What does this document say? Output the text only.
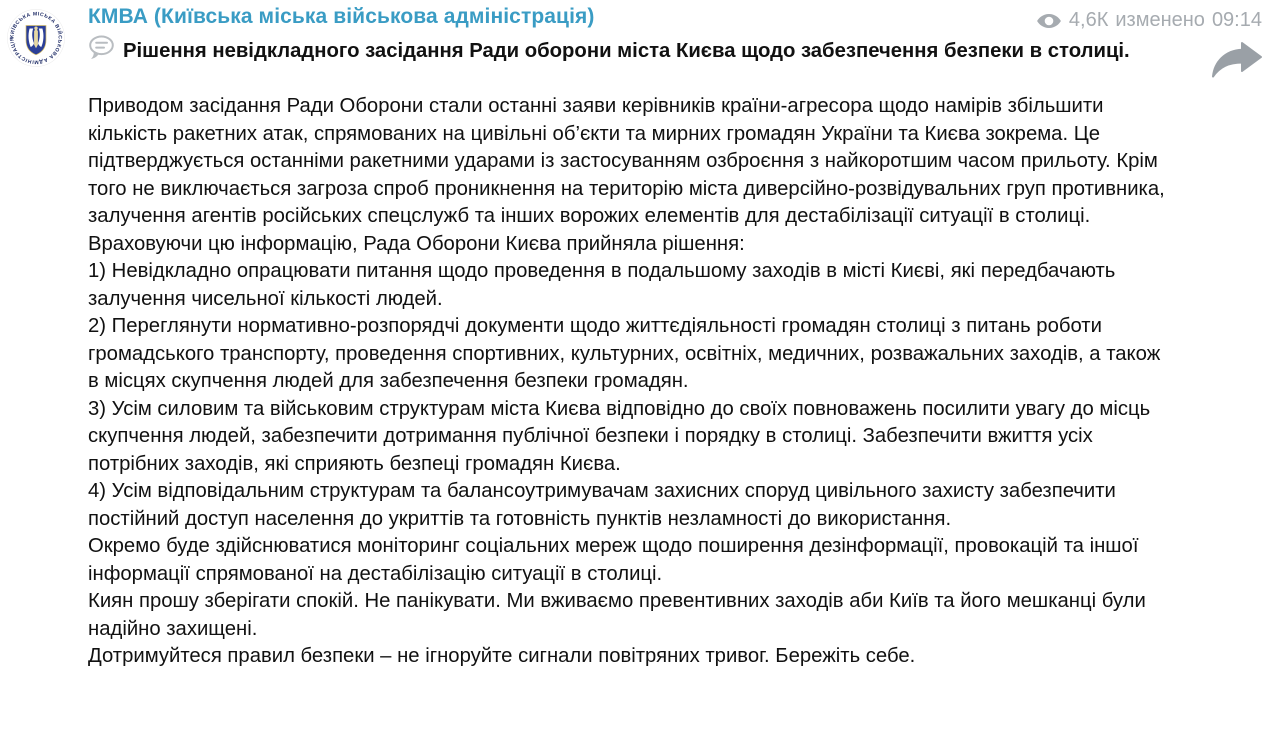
КИЇВСЬКА МІСЬКА ВІЙСЬКОВА АДМІНІСТРАЦІЯ
КМВА (Київська міська військова адміністрація)	4,6К изменено 09:14
Рішення невідкладного засідання Ради оборони міста Києва щодо забезпечення безпеки в столиці.
Приводом засідання Ради Оборони стали останні заяви керівників країни-агресора щодо намірів збільшити кількість ракетних атак, спрямованих на цивільні об’єкти та мирних громадян України та Києва зокрема. Це підтверджується останніми ракетними ударами із застосуванням озброєння з найкоротшим часом прильоту. Крім того не виключається загроза спроб проникнення на територію міста диверсійно-розвідувальних груп противника, залучення агентів російських спецслужб та інших ворожих елементів для дестабілізації ситуації в столиці.
Враховуючи цю інформацію, Рада Оборони Києва прийняла рішення:
1) Невідкладно опрацювати питання щодо проведення в подальшому заходів в місті Києві, які передбачають залучення чисельної кількості людей.
2) Переглянути нормативно-розпорядчі документи щодо життєдіяльності громадян столиці з питань роботи громадського транспорту, проведення спортивних, культурних, освітніх, медичних, розважальних заходів, а також в місцях скупчення людей для забезпечення безпеки громадян.
3) Усім силовим та військовим структурам міста Києва відповідно до своїх повноважень посилити увагу до місць скупчення людей, забезпечити дотримання публічної безпеки і порядку в столиці. Забезпечити вжиття усіх потрібних заходів, які сприяють безпеці громадян Києва.
4) Усім відповідальним структурам та балансоутримувачам захисних споруд цивільного захисту забезпечити постійний доступ населення до укриттів та готовність пунктів незламності до використання.
Окремо буде здійснюватися моніторинг соціальних мереж щодо поширення дезінформації, провокацій та іншої інформації спрямованої на дестабілізацію ситуації в столиці.
Киян прошу зберігати спокій. Не панікувати. Ми вживаємо превентивних заходів аби Київ та його мешканці були надійно захищені.
Дотримуйтеся правил безпеки – не ігноруйте сигнали повітряних тривог. Бережіть себе.
